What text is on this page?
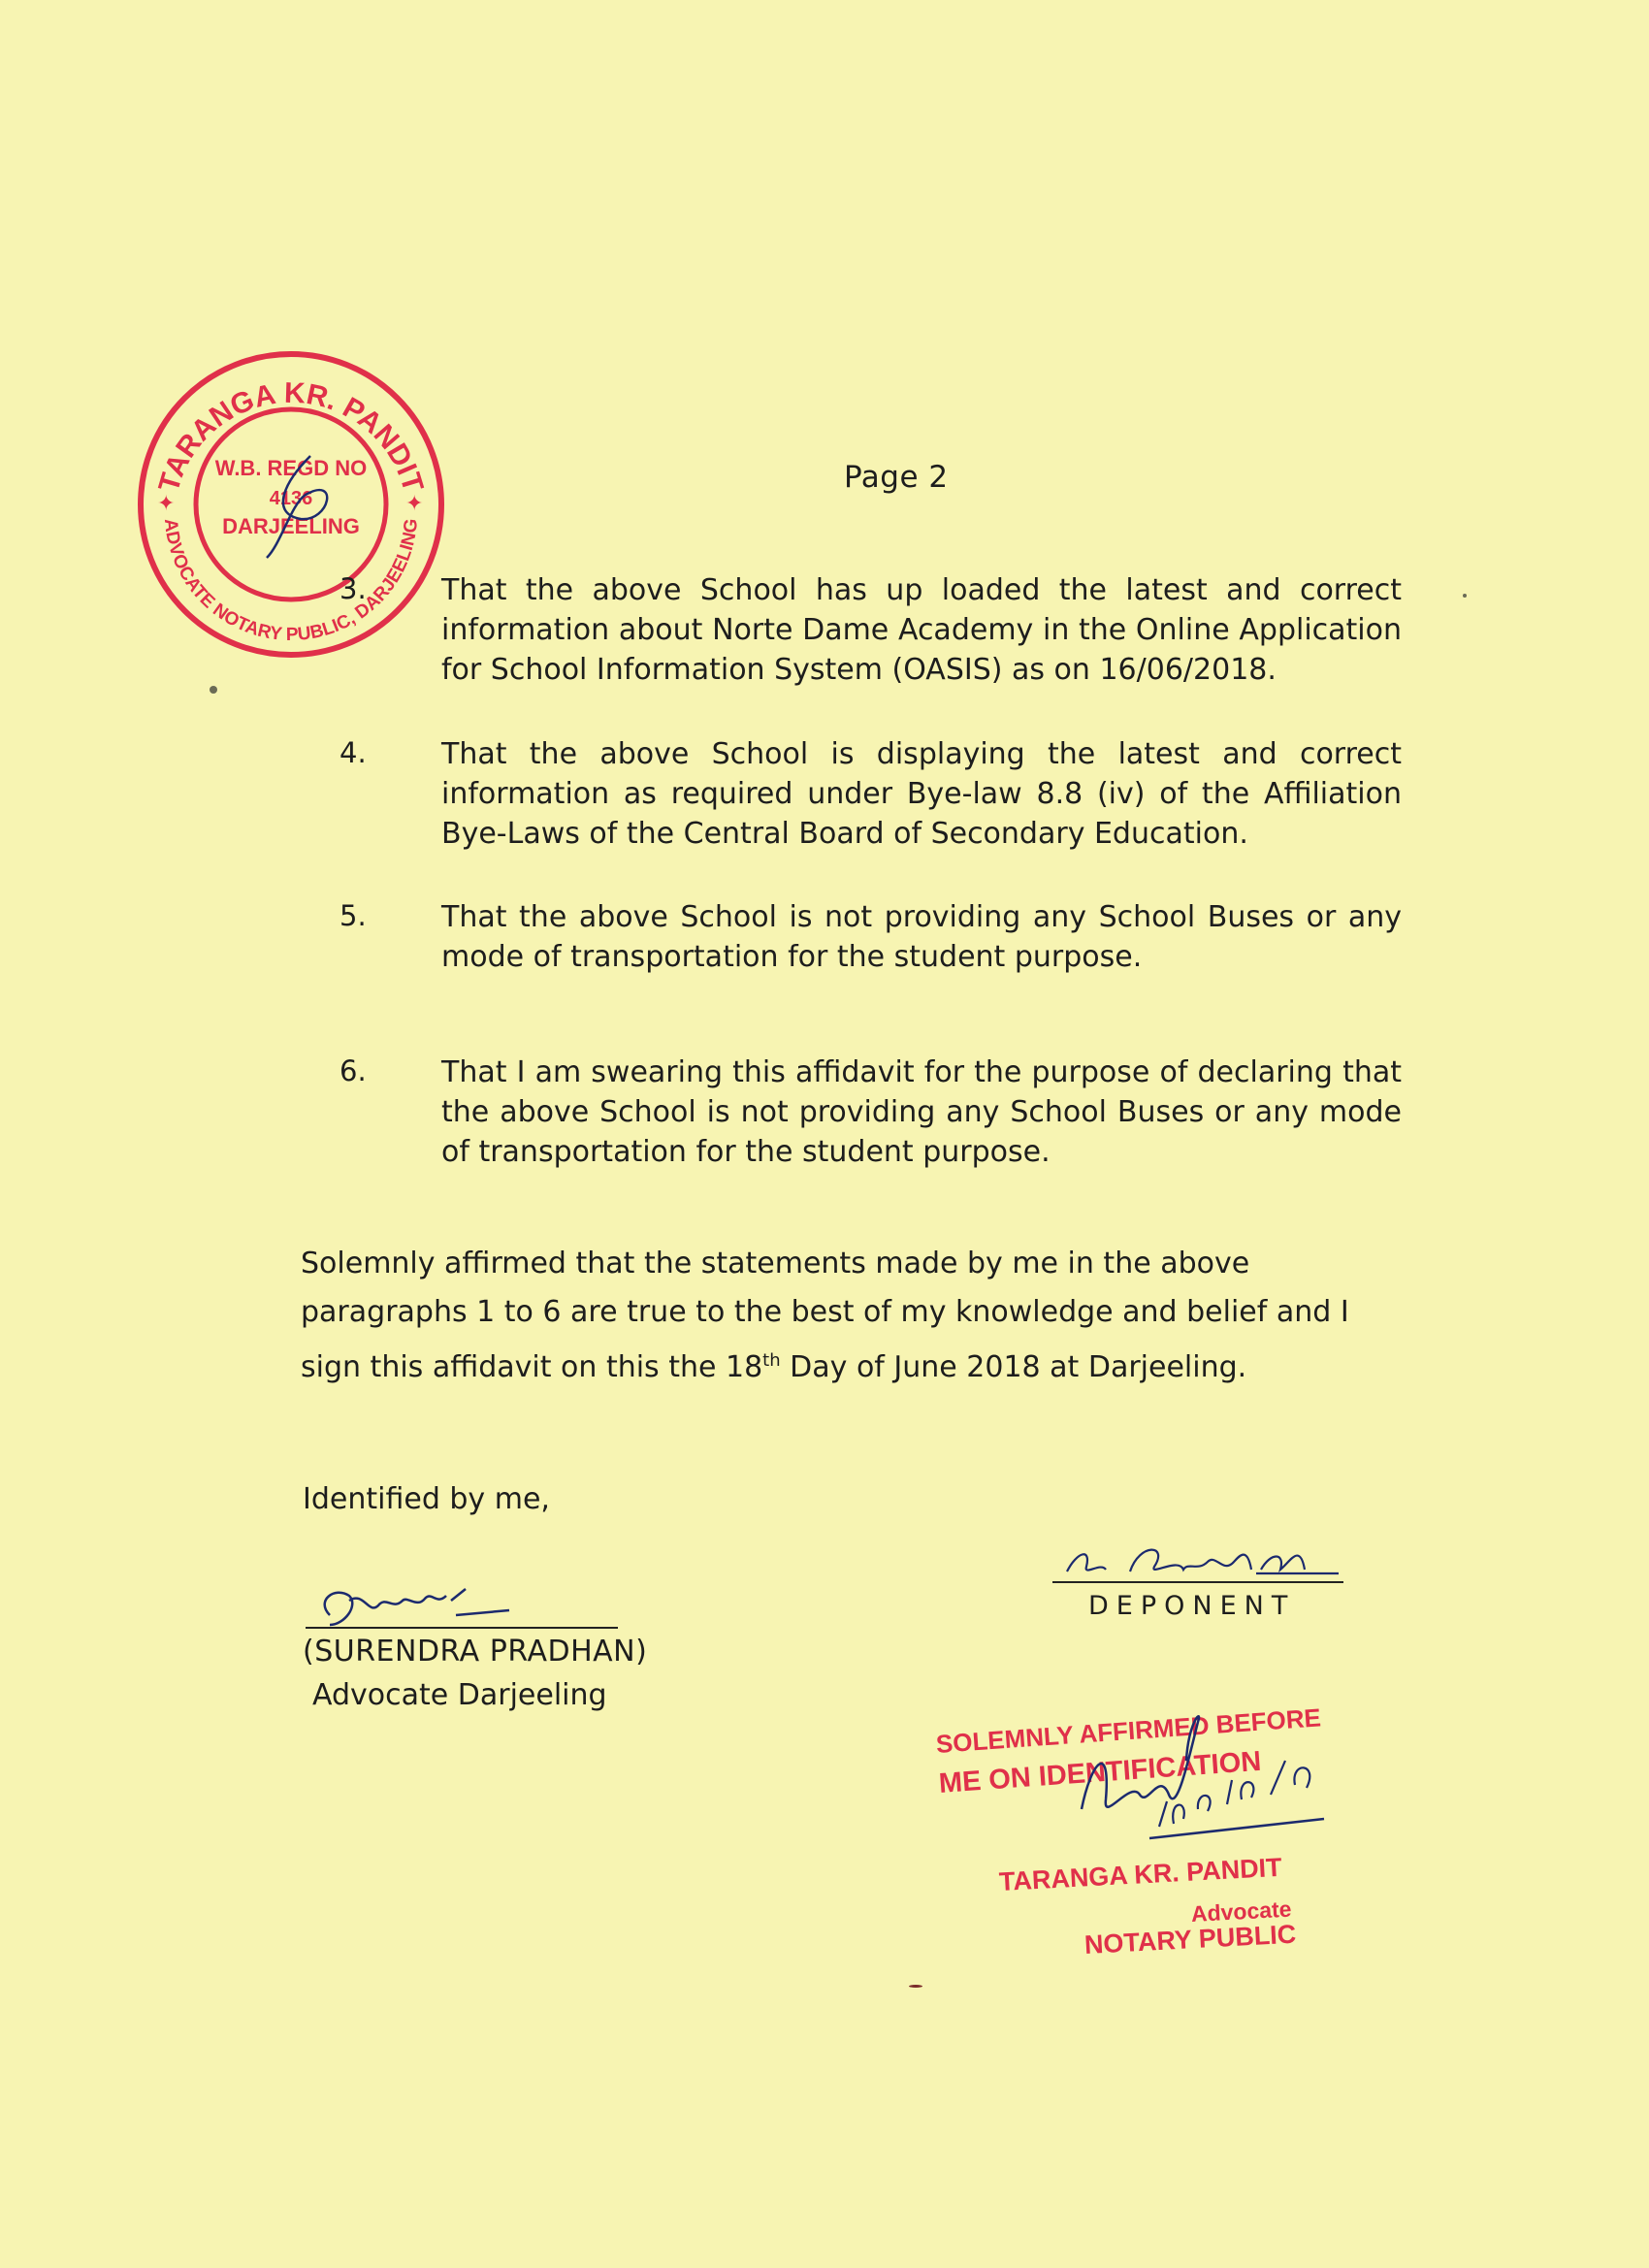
TARANGA KR. PANDIT
ADVOCATE NOTARY PUBLIC, DARJEELING
✦	✦
W.B. REGD NO
4136
DARJEELING
Page 2
3.	That the above School has up loaded the latest and correct information about Norte Dame Academy in the Online Application for School Information System (OASIS) as on 16/06/2018.
4.	That the above School is displaying the latest and correct information as required under Bye-law 8.8 (iv) of the Affiliation Bye-Laws of the Central Board of Secondary Education.
5.	That the above School is not providing any School Buses or any mode of transportation for the student purpose.
6.	That I am swearing this affidavit for the purpose of declaring that the above School is not providing any School Buses or any mode of transportation for the student purpose.
Solemnly affirmed that the statements made by me in the above paragraphs 1 to 6 are true to the best of my knowledge and belief and I sign this affidavit on this the 18th Day of June 2018 at Darjeeling.
Identified by me,
(SURENDRA PRADHAN)
Advocate Darjeeling
DEPONENT
SOLEMNLY AFFIRMED BEFORE
ME ON IDENTIFICATION
TARANGA KR. PANDIT
Advocate
NOTARY PUBLIC
